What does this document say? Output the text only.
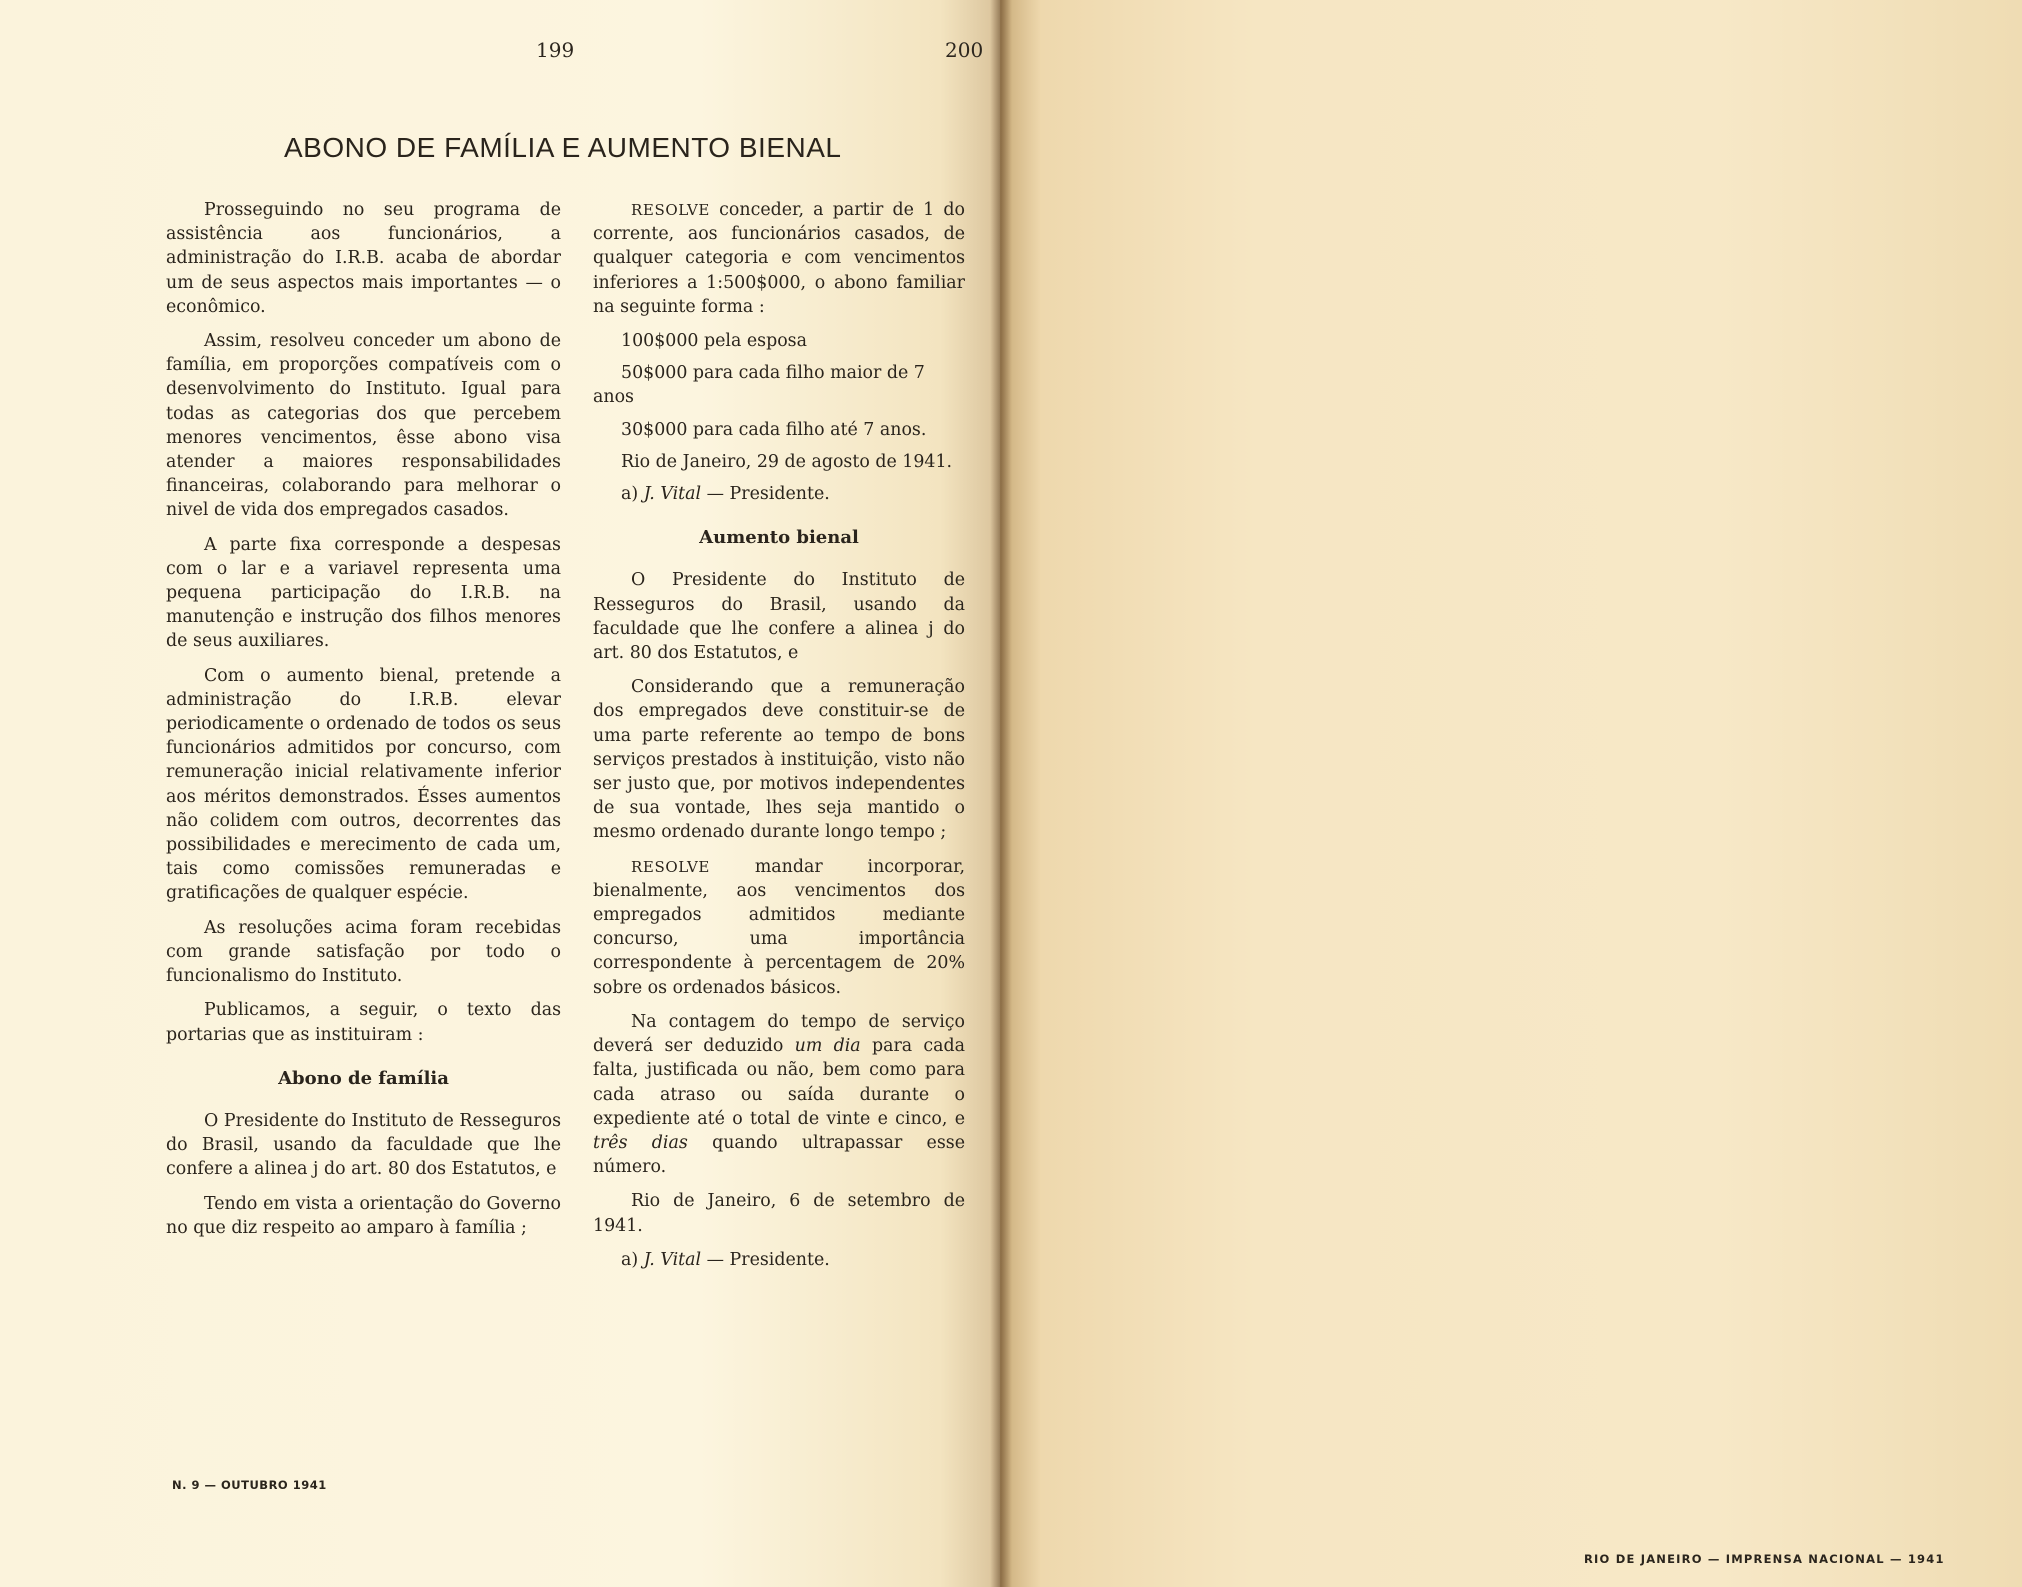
199	200
ABONO DE FAMÍLIA E AUMENTO BIENAL

Prosseguindo no seu programa de assistência aos funcionários, a administração do I.R.B. acaba de abordar um de seus aspectos mais importantes — o econômico.

Assim, resolveu conceder um abono de família, em proporções compatíveis com o desenvolvimento do Instituto. Igual para todas as categorias dos que percebem menores vencimentos, êsse abono visa atender a maiores responsabilidades financeiras, colaborando para melhorar o nivel de vida dos empregados casados.

A parte fixa corresponde a despesas com o lar e a variavel representa uma pequena participação do I.R.B. na manutenção e instrução dos filhos menores de seus auxiliares.

Com o aumento bienal, pretende a administração do I.R.B. elevar periodicamente o ordenado de todos os seus funcionários admitidos por concurso, com remuneração inicial relativamente inferior aos méritos demonstrados. Ésses aumentos não colidem com outros, decorrentes das possibilidades e merecimento de cada um, tais como comissões remuneradas e gratificações de qualquer espécie.

As resoluções acima foram recebidas com grande satisfação por todo o funcionalismo do Instituto.

Publicamos, a seguir, o texto das portarias que as instituiram :

Abono de família

O Presidente do Instituto de Resseguros do Brasil, usando da faculdade que lhe confere a alinea j do art. 80 dos Estatutos, e

Tendo em vista a orientação do Governo no que diz respeito ao amparo à família ;

RESOLVE conceder, a partir de 1 do corrente, aos funcionários casados, de qualquer categoria e com vencimentos inferiores a 1:500$000, o abono familiar na seguinte forma :

100$000 pela esposa

50$000 para cada filho maior de 7 anos

30$000 para cada filho até 7 anos.

Rio de Janeiro, 29 de agosto de 1941.

a) J. Vital — Presidente.

Aumento bienal

O Presidente do Instituto de Resseguros do Brasil, usando da faculdade que lhe confere a alinea j do art. 80 dos Estatutos, e

Considerando que a remuneração dos empregados deve constituir-se de uma parte referente ao tempo de bons serviços prestados à instituição, visto não ser justo que, por motivos independentes de sua vontade, lhes seja mantido o mesmo ordenado durante longo tempo ;

RESOLVE	mandar incorporar, bienalmente, aos vencimentos dos empregados admitidos mediante concurso, uma importância correspondente à percentagem de 20% sobre os ordenados básicos.

Na contagem do tempo de serviço deverá ser deduzido um dia para cada falta, justificada ou não, bem como para cada atraso ou saída durante o expediente até o total de vinte e cinco, e três dias quando ultrapassar esse número.

Rio de Janeiro, 6 de setembro de 1941.

a) J. Vital — Presidente.

N. 9 — OUTUBRO 1941
RIO DE JANEIRO — IMPRENSA NACIONAL — 1941
